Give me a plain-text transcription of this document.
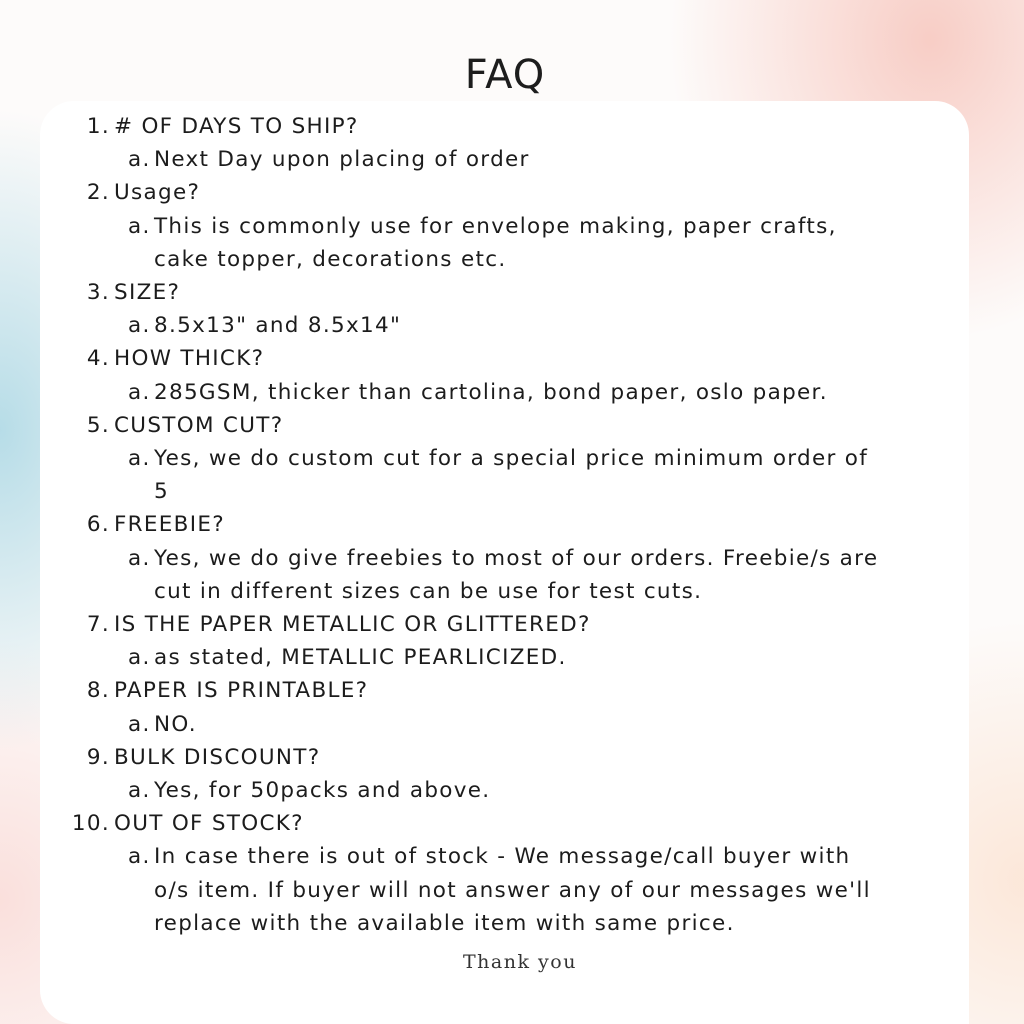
FAQ
1. # OF DAYS TO SHIP?
a. Next Day upon placing of order
2. Usage?
a. This is commonly use for envelope making, paper crafts, cake topper, decorations etc.
3. SIZE?
a. 8.5x13" and 8.5x14"
4. HOW THICK?
a. 285GSM, thicker than cartolina, bond paper, oslo paper.
5. CUSTOM CUT?
a. Yes, we do custom cut for a special price minimum order of 5
6. FREEBIE?
a. Yes, we do give freebies to most of our orders. Freebie/s are cut in different sizes can be use for test cuts.
7. IS THE PAPER METALLIC OR GLITTERED?
a. as stated, METALLIC PEARLICIZED.
8. PAPER IS PRINTABLE?
a. NO.
9. BULK DISCOUNT?
a. Yes, for 50packs and above.
10. OUT OF STOCK?
a. In case there is out of stock - We message/call buyer with o/s item. If buyer will not answer any of our messages we'll replace with the available item with same price.

Thank you
